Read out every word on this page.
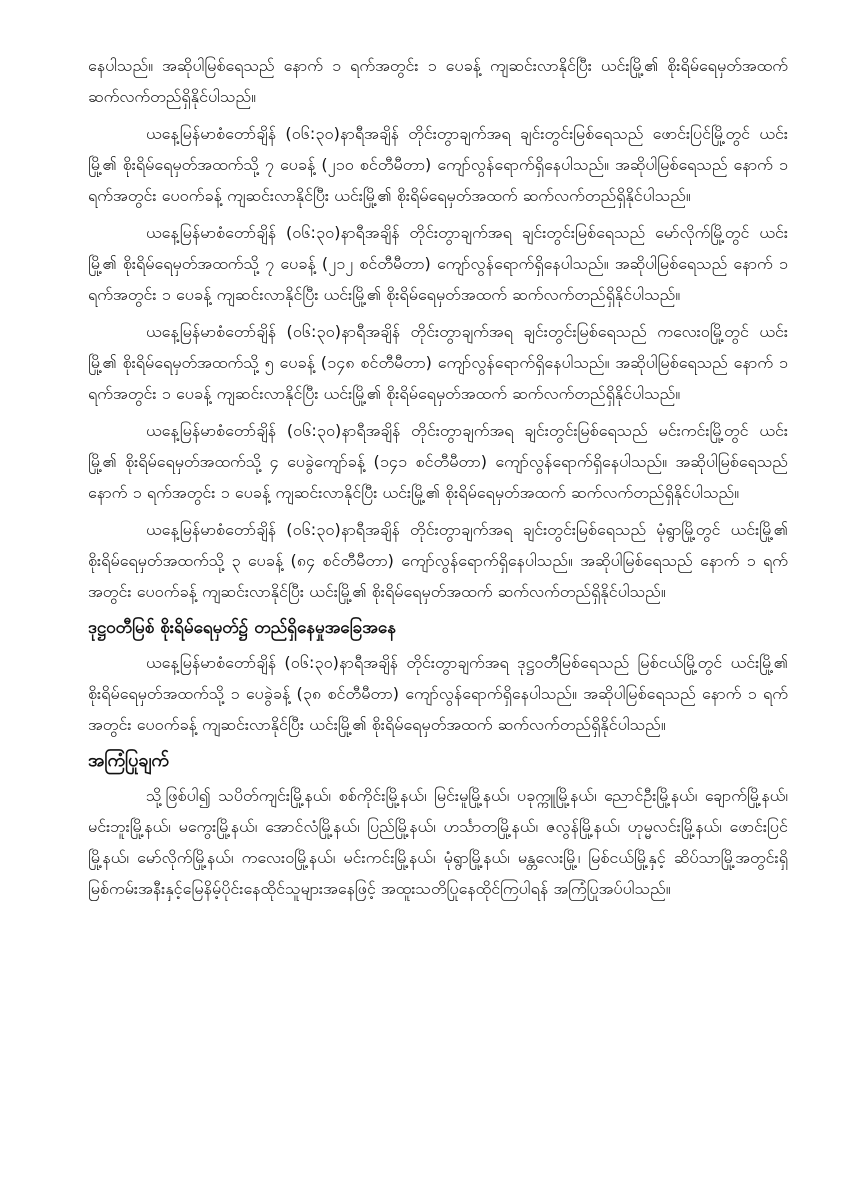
နေပါသည်။ အဆိုပါမြစ်ရေသည် နောက် ၁ ရက်အတွင်း ၁ ပေခန့် ကျဆင်းလာနိုင်ပြီး ယင်းမြို့၏ စိုးရိမ်ရေမှတ်အထက် ဆက်လက်တည်ရှိနိုင်ပါသည်။

ယနေ့မြန်မာစံတော်ချိန် (၀၆:၃၀)နာရီအချိန် တိုင်းတွာချက်အရ ချင်းတွင်းမြစ်ရေသည် ဖောင်းပြင်မြို့တွင် ယင်းမြို့၏ စိုးရိမ်ရေမှတ်အထက်သို့ ၇ ပေခန့် (၂၁၀ စင်တီမီတာ) ကျော်လွန်ရောက်ရှိနေပါသည်။ အဆိုပါမြစ်ရေသည် နောက် ၁ ရက်အတွင်း ပေ၀က်ခန့် ကျဆင်းလာနိုင်ပြီး ယင်းမြို့၏ စိုးရိမ်ရေမှတ်အထက် ဆက်လက်တည်ရှိနိုင်ပါသည်။

ယနေ့မြန်မာစံတော်ချိန် (၀၆:၃၀)နာရီအချိန် တိုင်းတွာချက်အရ ချင်းတွင်းမြစ်ရေသည် မော်လိုက်မြို့တွင် ယင်းမြို့၏ စိုးရိမ်ရေမှတ်အထက်သို့ ၇ ပေခန့် (၂၁၂ စင်တီမီတာ) ကျော်လွန်ရောက်ရှိနေပါသည်။ အဆိုပါမြစ်ရေသည် နောက် ၁ ရက်အတွင်း ၁ ပေခန့် ကျဆင်းလာနိုင်ပြီး ယင်းမြို့၏ စိုးရိမ်ရေမှတ်အထက် ဆက်လက်တည်ရှိနိုင်ပါသည်။

ယနေ့မြန်မာစံတော်ချိန် (၀၆:၃၀)နာရီအချိန် တိုင်းတွာချက်အရ ချင်းတွင်းမြစ်ရေသည် ကလေးဝမြို့တွင် ယင်းမြို့၏ စိုးရိမ်ရေမှတ်အထက်သို့ ၅ ပေခန့် (၁၄၈ စင်တီမီတာ) ကျော်လွန်ရောက်ရှိနေပါသည်။ အဆိုပါမြစ်ရေသည် နောက် ၁ ရက်အတွင်း ၁ ပေခန့် ကျဆင်းလာနိုင်ပြီး ယင်းမြို့၏ စိုးရိမ်ရေမှတ်အထက် ဆက်လက်တည်ရှိနိုင်ပါသည်။

ယနေ့မြန်မာစံတော်ချိန် (၀၆:၃၀)နာရီအချိန် တိုင်းတွာချက်အရ ချင်းတွင်းမြစ်ရေသည် မင်းကင်းမြို့တွင် ယင်းမြို့၏ စိုးရိမ်ရေမှတ်အထက်သို့ ၄ ပေခွဲကျော်ခန့် (၁၄၁ စင်တီမီတာ) ကျော်လွန်ရောက်ရှိနေပါသည်။ အဆိုပါမြစ်ရေသည် နောက် ၁ ရက်အတွင်း ၁ ပေခန့် ကျဆင်းလာနိုင်ပြီး ယင်းမြို့၏ စိုးရိမ်ရေမှတ်အထက် ဆက်လက်တည်ရှိနိုင်ပါသည်။

ယနေ့မြန်မာစံတော်ချိန် (၀၆:၃၀)နာရီအချိန် တိုင်းတွာချက်အရ ချင်းတွင်းမြစ်ရေသည် မုံရွာမြို့တွင် ယင်းမြို့၏ စိုးရိမ်ရေမှတ်အထက်သို့ ၃ ပေခန့် (၈၄ စင်တီမီတာ) ကျော်လွန်ရောက်ရှိနေပါသည်။ အဆိုပါမြစ်ရေသည် နောက် ၁ ရက်အတွင်း ပေ၀က်ခန့် ကျဆင်းလာနိုင်ပြီး ယင်းမြို့၏ စိုးရိမ်ရေမှတ်အထက် ဆက်လက်တည်ရှိနိုင်ပါသည်။

ဒုဋ္ဌဝတီမြစ် စိုးရိမ်ရေမှတ်၌ တည်ရှိနေမှုအခြေအနေ

ယနေ့မြန်မာစံတော်ချိန် (၀၆:၃၀)နာရီအချိန် တိုင်းတွာချက်အရ ဒုဋ္ဌဝတီမြစ်ရေသည် မြစ်ငယ်မြို့တွင် ယင်းမြို့၏ စိုးရိမ်ရေမှတ်အထက်သို့ ၁ ပေခွဲခန့် (၃၈ စင်တီမီတာ) ကျော်လွန်ရောက်ရှိနေပါသည်။ အဆိုပါမြစ်ရေသည် နောက် ၁ ရက်အတွင်း ပေ၀က်ခန့် ကျဆင်းလာနိုင်ပြီး ယင်းမြို့၏ စိုးရိမ်ရေမှတ်အထက် ဆက်လက်တည်ရှိနိုင်ပါသည်။

အကြံပြုချက်

သို့ဖြစ်ပါ၍ သပိတ်ကျင်းမြို့နယ်၊ စစ်ကိုင်းမြို့နယ်၊ မြင်းမူမြို့နယ်၊ ပခုက္ကူမြို့နယ်၊ ညောင်ဦးမြို့နယ်၊ ချောက်မြို့နယ်၊ မင်းဘူးမြို့နယ်၊ မကွေးမြို့နယ်၊ အောင်လံမြို့နယ်၊ ပြည်မြို့နယ်၊ ဟင်္သာတမြို့နယ်၊ ဇလွန်မြို့နယ်၊ ဟုမ္မလင်းမြို့နယ်၊ ဖောင်းပြင်မြို့နယ်၊ မော်လိုက်မြို့နယ်၊ ကလေးဝမြို့နယ်၊ မင်းကင်းမြို့နယ်၊ မုံရွာမြို့နယ်၊ မန္တလေးမြို့၊ မြစ်ငယ်မြို့နှင့် ဆိပ်သာမြို့အတွင်းရှိ မြစ်ကမ်းအနီးနှင့်မြေနိမ့်ပိုင်းနေထိုင်သူများအနေဖြင့် အထူးသတိပြုနေထိုင်ကြပါရန် အကြံပြုအပ်ပါသည်။
